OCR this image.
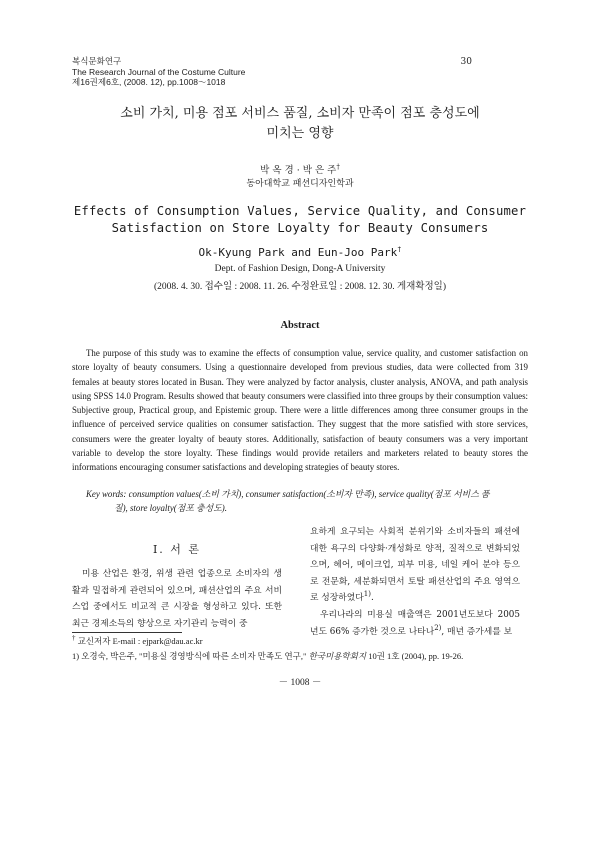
복식문화연구
The Research Journal of the Costume Culture
제16권제6호, (2008. 12), pp.1008～1018
30
소비 가치, 미용 점포 서비스 품질, 소비자 만족이 점포 충성도에
미치는 영향
박 옥 경 · 박 은 주†
동아대학교 패션디자인학과
Effects of Consumption Values, Service Quality, and Consumer
Satisfaction on Store Loyalty for Beauty Consumers
Ok-Kyung Park and Eun-Joo Park†
Dept. of Fashion Design, Dong-A University
(2008. 4. 30. 접수일 : 2008. 11. 26. 수정완료일 : 2008. 12. 30. 게재확정일)
Abstract
The purpose of this study was to examine the effects of consumption value, service quality, and customer satisfaction on store loyalty of beauty consumers. Using a questionnaire developed from previous studies, data were collected from 319 females at beauty stores located in Busan. They were analyzed by factor analysis, cluster analysis, ANOVA, and path analysis using SPSS 14.0 Program. Results showed that beauty consumers were classified into three groups by their consumption values: Subjective group, Practical group, and Epistemic group. There were a little differences among three consumer groups in the influence of perceived service qualities on consumer satisfaction. They suggest that the more satisfied with store services, consumers were the greater loyalty of beauty stores. Additionally, satisfaction of beauty consumers was a very important variable to develop the store loyalty. These findings would provide retailers and marketers related to beauty stores the informations encouraging consumer satisfactions and developing strategies of beauty stores.
Key words: consumption values(소비 가치), consumer satisfaction(소비자 만족), service quality(점포 서비스 품
질), store loyalty(점포 충성도).
Ⅰ. 서 론
미용 산업은 환경, 위생 관련 업종으로 소비자의 생활과 밀접하게 관련되어 있으며, 패션산업의 주요 서비스업 중에서도 비교적 큰 시장을 형성하고 있다. 또한 최근 경제소득의 향상으로 자기관리 능력이 중
요하게 요구되는 사회적 분위기와 소비자들의 패션에 대한 욕구의 다양화·개성화로 양적, 질적으로 변화되었으며, 헤어, 메이크업, 피부 미용, 네일 케어 분야 등으로 전문화, 세분화되면서 토탈 패션산업의 주요 영역으로 성장하였다$^{1)}$.
우리나라의 미용실 매출액은 2001년도보다 2005년도 66% 증가한 것으로 나타나$^{2)}$, 매년 증가세를 보
† 교신저자 E-mail : ejpark@dau.ac.kr
1) 오경숙, 박은주, "미용실 경영방식에 따른 소비자 만족도 연구," 한국미용학회지 10권 1호 (2004), pp. 19-26.
－ 1008 －
